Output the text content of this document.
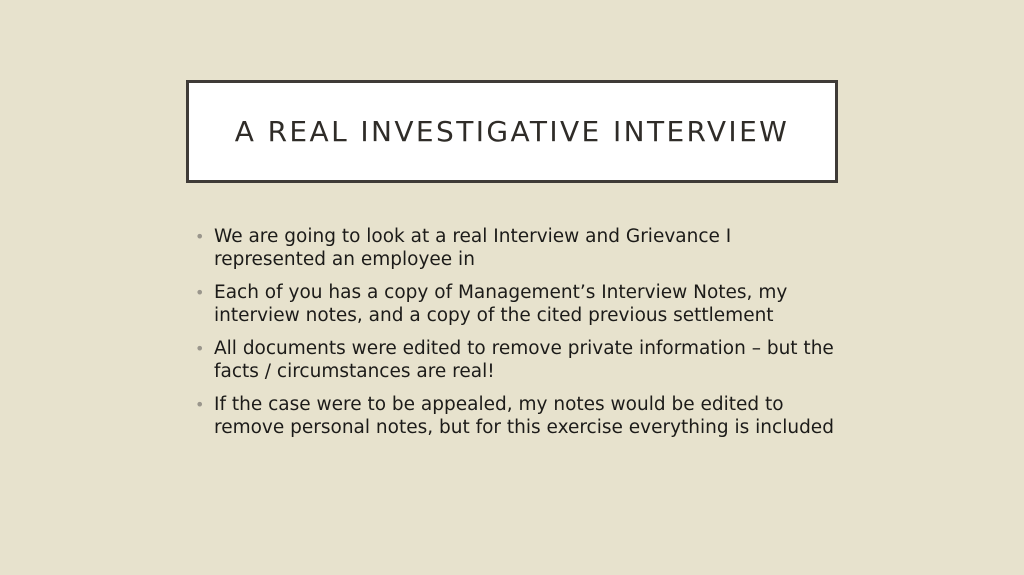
A REAL INVESTIGATIVE INTERVIEW
• We are going to look at a real Interview and Grievance I represented an employee in
• Each of you has a copy of Management’s Interview Notes, my interview notes, and a copy of the cited previous settlement
• All documents were edited to remove private information – but the facts / circumstances are real!
• If the case were to be appealed, my notes would be edited to remove personal notes, but for this exercise everything is included
